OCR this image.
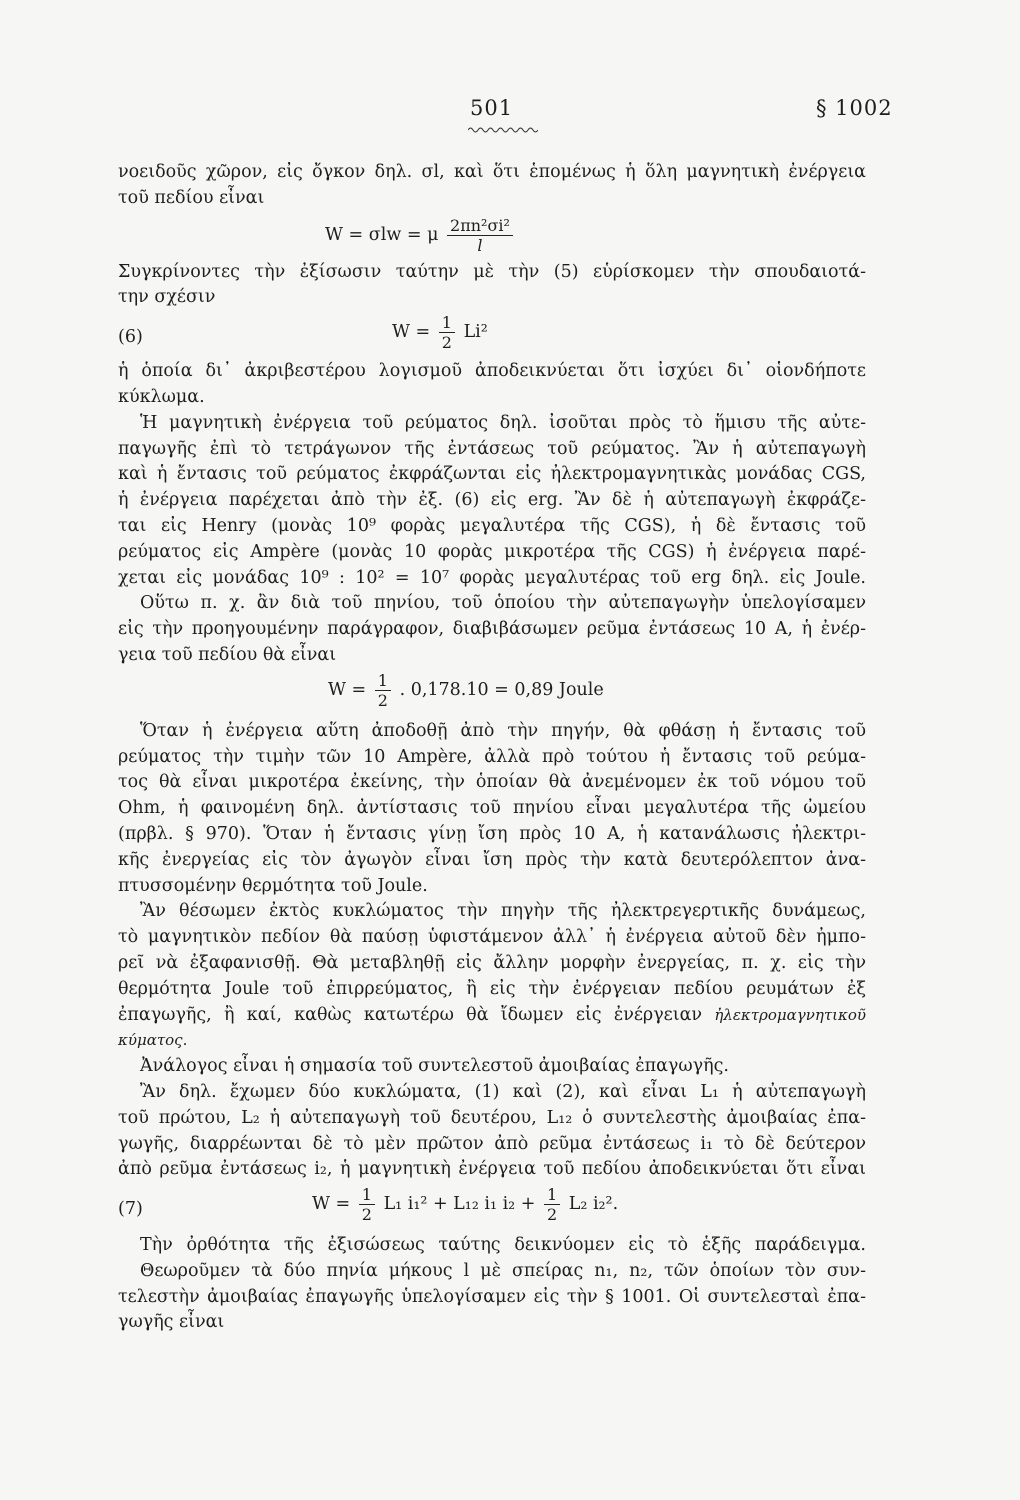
501	§ 1002
νοειδοῦς χῶρον, εἰς ὄγκον δηλ. σl, καὶ ὅτι ἑπομένως ἡ ὅλη μαγνητικὴ ἐνέργεια
τοῦ πεδίου εἶναι
W = σlw = μ $\frac{\text{2πn²σi²}}{l}$
Συγκρίνοντες τὴν ἐξίσωσιν ταύτην μὲ τὴν (5) εὑρίσκομεν τὴν σπουδαιοτά-
την σχέσιν
(6)	$W = \frac{1}{2} Li^2$
ἡ ὁποία δι᾽ ἀκριβεστέρου λογισμοῦ ἀποδεικνύεται ὅτι ἰσχύει δι᾽ οἱονδήποτε
κύκλωμα.
Ἡ μαγνητικὴ ἐνέργεια τοῦ ρεύματος δηλ. ἰσοῦται πρὸς τὸ ἥμισυ τῆς αὐτε-
παγωγῆς ἐπὶ τὸ τετράγωνον τῆς ἐντάσεως τοῦ ρεύματος. Ἂν ἡ αὐτεπαγωγὴ
καὶ ἡ ἔντασις τοῦ ρεύματος ἐκφράζωνται εἰς ἠλεκτρομαγνητικὰς μονάδας CGS,
ἡ ἐνέργεια παρέχεται ἀπὸ τὴν ἐξ. (6) εἰς erg. Ἂν δὲ ἡ αὐτεπαγωγὴ ἐκφράζε-
ται εἰς Henry (μονὰς 10⁹ φορὰς μεγαλυτέρα τῆς CGS), ἡ δὲ ἔντασις τοῦ
ρεύματος εἰς Ampère (μονὰς 10 φορὰς μικροτέρα τῆς CGS) ἡ ἐνέργεια παρέ-
χεται εἰς μονάδας 10⁹ : 10² = 10⁷ φορὰς μεγαλυτέρας τοῦ erg δηλ. εἰς Joule.
Οὕτω π. χ. ἂν διὰ τοῦ πηνίου, τοῦ ὁποίου τὴν αὐτεπαγωγὴν ὑπελογίσαμεν
εἰς τὴν προηγουμένην παράγραφον, διαβιβάσωμεν ρεῦμα ἐντάσεως 10 A, ἡ ἐνέρ-
γεια τοῦ πεδίου θὰ εἶναι
$W = \frac{1}{2}$ . 0,178.10 = 0,89 Joule
Ὅταν ἡ ἐνέργεια αὕτη ἀποδοθῇ ἀπὸ τὴν πηγήν, θὰ φθάσῃ ἡ ἔντασις τοῦ
ρεύματος τὴν τιμὴν τῶν 10 Ampère, ἀλλὰ πρὸ τούτου ἡ ἔντασις τοῦ ρεύμα-
τος θὰ εἶναι μικροτέρα ἐκείνης, τὴν ὁποίαν θὰ ἀνεμένομεν ἐκ τοῦ νόμου τοῦ
Ohm, ἡ φαινομένη δηλ. ἀντίστασις τοῦ πηνίου εἶναι μεγαλυτέρα τῆς ὠμείου
(πρβλ. § 970). Ὅταν ἡ ἔντασις γίνῃ ἴση πρὸς 10 A, ἡ κατανάλωσις ἠλεκτρι-
κῆς ἐνεργείας εἰς τὸν ἀγωγὸν εἶναι ἴση πρὸς τὴν κατὰ δευτερόλεπτον ἀνα-
πτυσσομένην θερμότητα τοῦ Joule.
Ἂν θέσωμεν ἐκτὸς κυκλώματος τὴν πηγὴν τῆς ἠλεκτρεγερτικῆς δυνάμεως,
τὸ μαγνητικὸν πεδίον θὰ παύσῃ ὑφιστάμενον ἀλλ᾽ ἡ ἐνέργεια αὐτοῦ δὲν ἠμπο-
ρεῖ νὰ ἐξαφανισθῇ. Θὰ μεταβληθῇ εἰς ἄλλην μορφὴν ἐνεργείας, π. χ. εἰς τὴν
θερμότητα Joule τοῦ ἐπιρρεύματος, ἢ εἰς τὴν ἐνέργειαν πεδίου ρευμάτων ἐξ
ἐπαγωγῆς, ἢ καί, καθὼς κατωτέρω θὰ ἴδωμεν εἰς ἐνέργειαν ἠλεκτρομαγνητικοῦ
κύματος.
Ἀνάλογος εἶναι ἡ σημασία τοῦ συντελεστοῦ ἀμοιβαίας ἐπαγωγῆς.
Ἂν δηλ. ἔχωμεν δύο κυκλώματα, (1) καὶ (2), καὶ εἶναι L₁ ἡ αὐτεπαγωγὴ
τοῦ πρώτου, L₂ ἡ αὐτεπαγωγὴ τοῦ δευτέρου, L₁₂ ὁ συντελεστὴς ἀμοιβαίας ἐπα-
γωγῆς, διαρρέωνται δὲ τὸ μὲν πρῶτον ἀπὸ ρεῦμα ἐντάσεως i₁ τὸ δὲ δεύτερον
ἀπὸ ρεῦμα ἐντάσεως i₂, ἡ μαγνητικὴ ἐνέργεια τοῦ πεδίου ἀποδεικνύεται ὅτι εἶναι
(7)	$W = \frac{1}{2} L_1$ i₁² + L₁₂ i₁ $i_2 + \frac{1}{2} L_2$ i₂².
Τὴν ὀρθότητα τῆς ἐξισώσεως ταύτης δεικνύομεν εἰς τὸ ἑξῆς παράδειγμα.
Θεωροῦμεν τὰ δύο πηνία μήκους l μὲ σπείρας n₁, n₂, τῶν ὁποίων τὸν συν-
τελεστὴν ἀμοιβαίας ἐπαγωγῆς ὑπελογίσαμεν εἰς τὴν § 1001. Οἱ συντελεσταὶ ἐπα-
γωγῆς εἶναι
